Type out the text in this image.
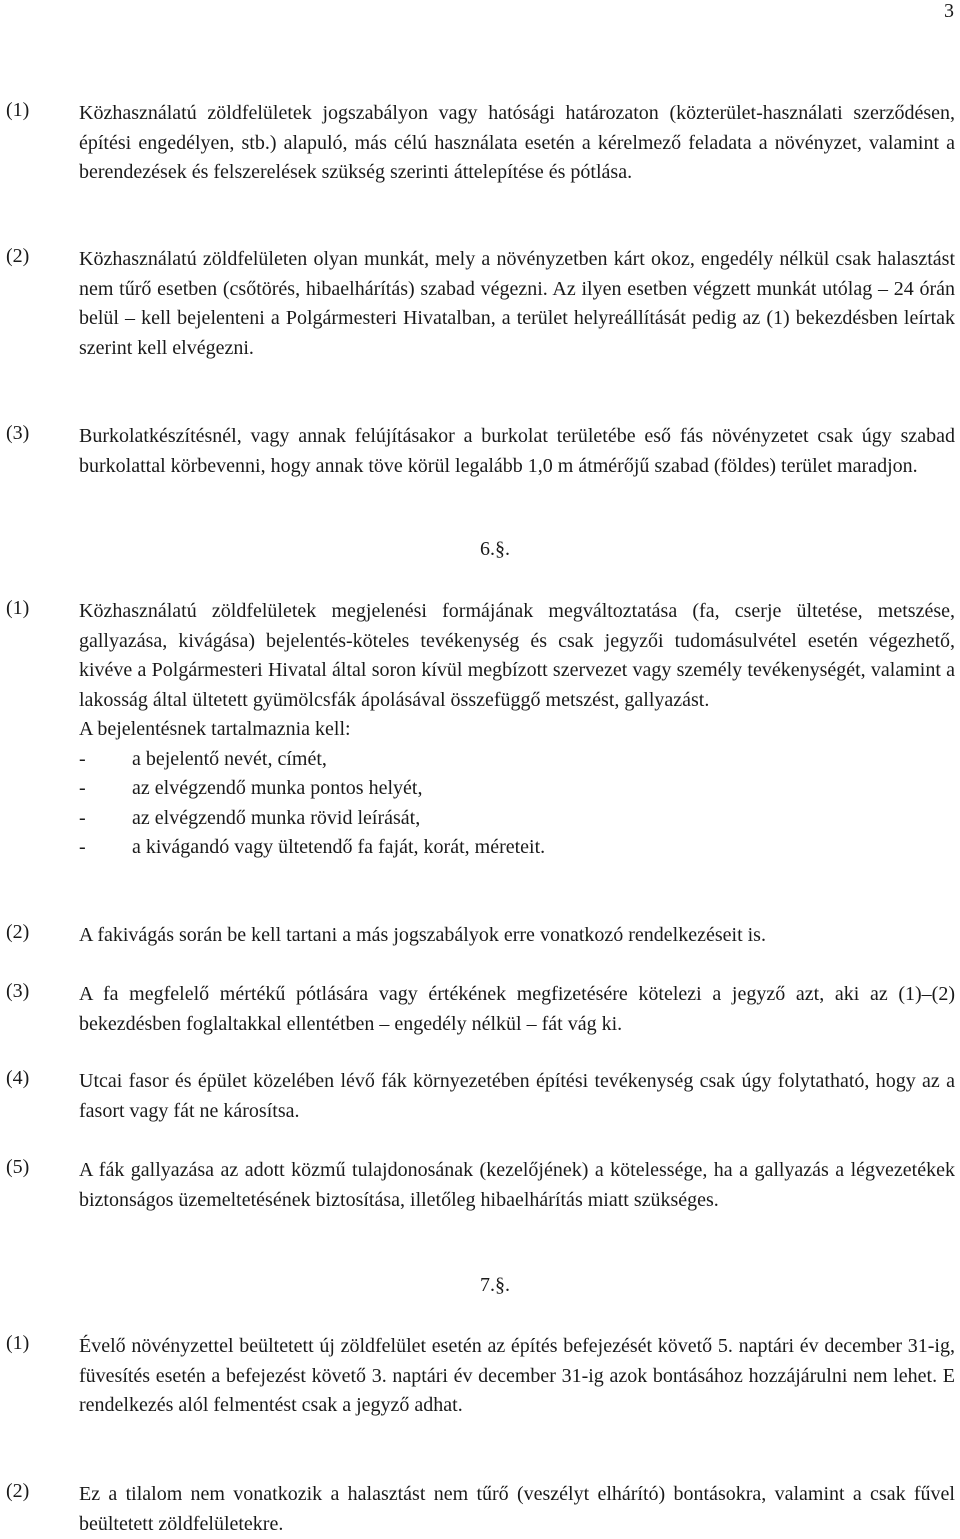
3
(1) Közhasználatú zöldfelületek jogszabályon vagy hatósági határozaton (közterület-használati szerződésen, építési engedélyen, stb.) alapuló, más célú használata esetén a kérelmező feladata a növényzet, valamint a berendezések és felszerelések szükség szerinti áttelepítése és pótlása.
(2) Közhasználatú zöldfelületen olyan munkát, mely a növényzetben kárt okoz, engedély nélkül csak halasztást nem tűrő esetben (csőtörés, hibaelhárítás) szabad végezni. Az ilyen esetben végzett munkát utólag – 24 órán belül – kell bejelenteni a Polgármesteri Hivatalban, a terület helyreállítását pedig az (1) bekezdésben leírtak szerint kell elvégezni.
(3) Burkolatkészítésnél, vagy annak felújításakor a burkolat területébe eső fás növényzetet csak úgy szabad burkolattal körbevenni, hogy annak töve körül legalább 1,0 m átmérőjű szabad (földes) terület maradjon.
6.§.
(1) Közhasználatú zöldfelületek megjelenési formájának megváltoztatása (fa, cserje ültetése, metszése, gallyazása, kivágása) bejelentés-köteles tevékenység és csak jegyzői tudomásulvétel esetén végezhető, kivéve a Polgármesteri Hivatal által soron kívül megbízott szervezet vagy személy tevékenységét, valamint a lakosság által ültetett gyümölcsfák ápolásával összefüggő metszést, gallyazást.
A bejelentésnek tartalmaznia kell:
- a bejelentő nevét, címét,
- az elvégzendő munka pontos helyét,
- az elvégzendő munka rövid leírását,
- a kivágandó vagy ültetendő fa faját, korát, méreteit.
(2) A fakivágás során be kell tartani a más jogszabályok erre vonatkozó rendelkezéseit is.
(3) A fa megfelelő mértékű pótlására vagy értékének megfizetésére kötelezi a jegyző azt, aki az (1)–(2) bekezdésben foglaltakkal ellentétben – engedély nélkül – fát vág ki.
(4) Utcai fasor és épület közelében lévő fák környezetében építési tevékenység csak úgy folytatható, hogy az a fasort vagy fát ne károsítsa.
(5) A fák gallyazása az adott közmű tulajdonosának (kezelőjének) a kötelessége, ha a gallyazás a légvezetékek biztonságos üzemeltetésének biztosítása, illetőleg hibaelhárítás miatt szükséges.
7.§.
(1) Évelő növényzettel beültetett új zöldfelület esetén az építés befejezését követő 5. naptári év december 31-ig, füvesítés esetén a befejezést követő 3. naptári év december 31-ig azok bontásához hozzájárulni nem lehet. E rendelkezés alól felmentést csak a jegyző adhat.
(2) Ez a tilalom nem vonatkozik a halasztást nem tűrő (veszélyt elhárító) bontásokra, valamint a csak fűvel beültetett zöldfelületekre.
